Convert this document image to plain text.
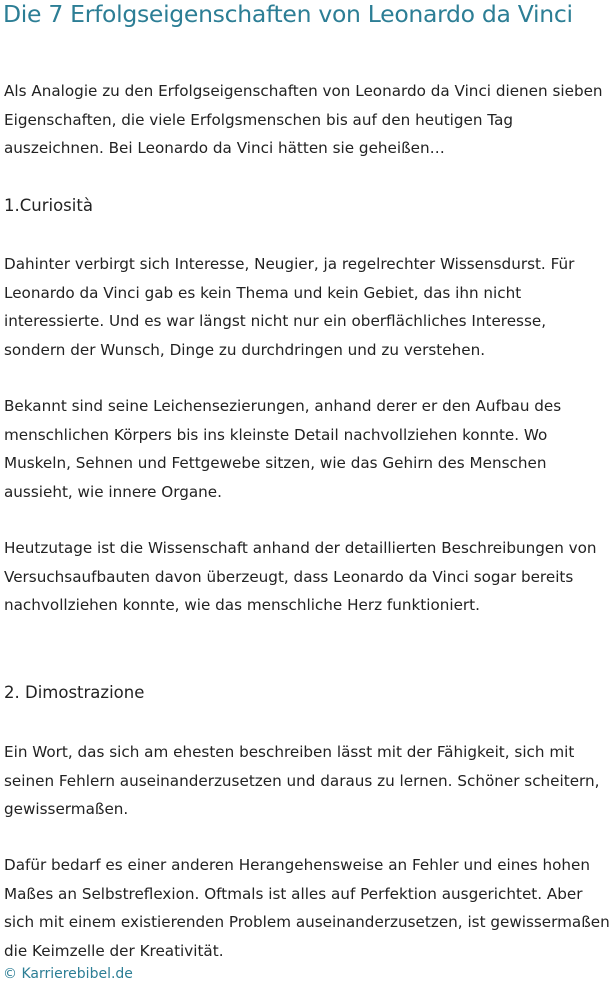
Die 7 Erfolgseigenschaften von Leonardo da Vinci

Als Analogie zu den Erfolgseigenschaften von Leonardo da Vinci dienen sieben Eigenschaften, die viele Erfolgsmenschen bis auf den heutigen Tag auszeichnen. Bei Leonardo da Vinci hätten sie geheißen…

1.Curiosità

Dahinter verbirgt sich Interesse, Neugier, ja regelrechter Wissensdurst. Für Leonardo da Vinci gab es kein Thema und kein Gebiet, das ihn nicht interessierte. Und es war längst nicht nur ein oberflächliches Interesse, sondern der Wunsch, Dinge zu durchdringen und zu verstehen.

Bekannt sind seine Leichensezierungen, anhand derer er den Aufbau des menschlichen Körpers bis ins kleinste Detail nachvollziehen konnte. Wo Muskeln, Sehnen und Fettgewebe sitzen, wie das Gehirn des Menschen aussieht, wie innere Organe.

Heutzutage ist die Wissenschaft anhand der detaillierten Beschreibungen von Versuchsaufbauten davon überzeugt, dass Leonardo da Vinci sogar bereits nachvollziehen konnte, wie das menschliche Herz funktioniert.

2. Dimostrazione

Ein Wort, das sich am ehesten beschreiben lässt mit der Fähigkeit, sich mit seinen Fehlern auseinanderzusetzen und daraus zu lernen. Schöner scheitern, gewissermaßen.

Dafür bedarf es einer anderen Herangehensweise an Fehler und eines hohen Maßes an Selbstreflexion. Oftmals ist alles auf Perfektion ausgerichtet. Aber sich mit einem existierenden Problem auseinanderzusetzen, ist gewissermaßen die Keimzelle der Kreativität.

© Karrierebibel.de
